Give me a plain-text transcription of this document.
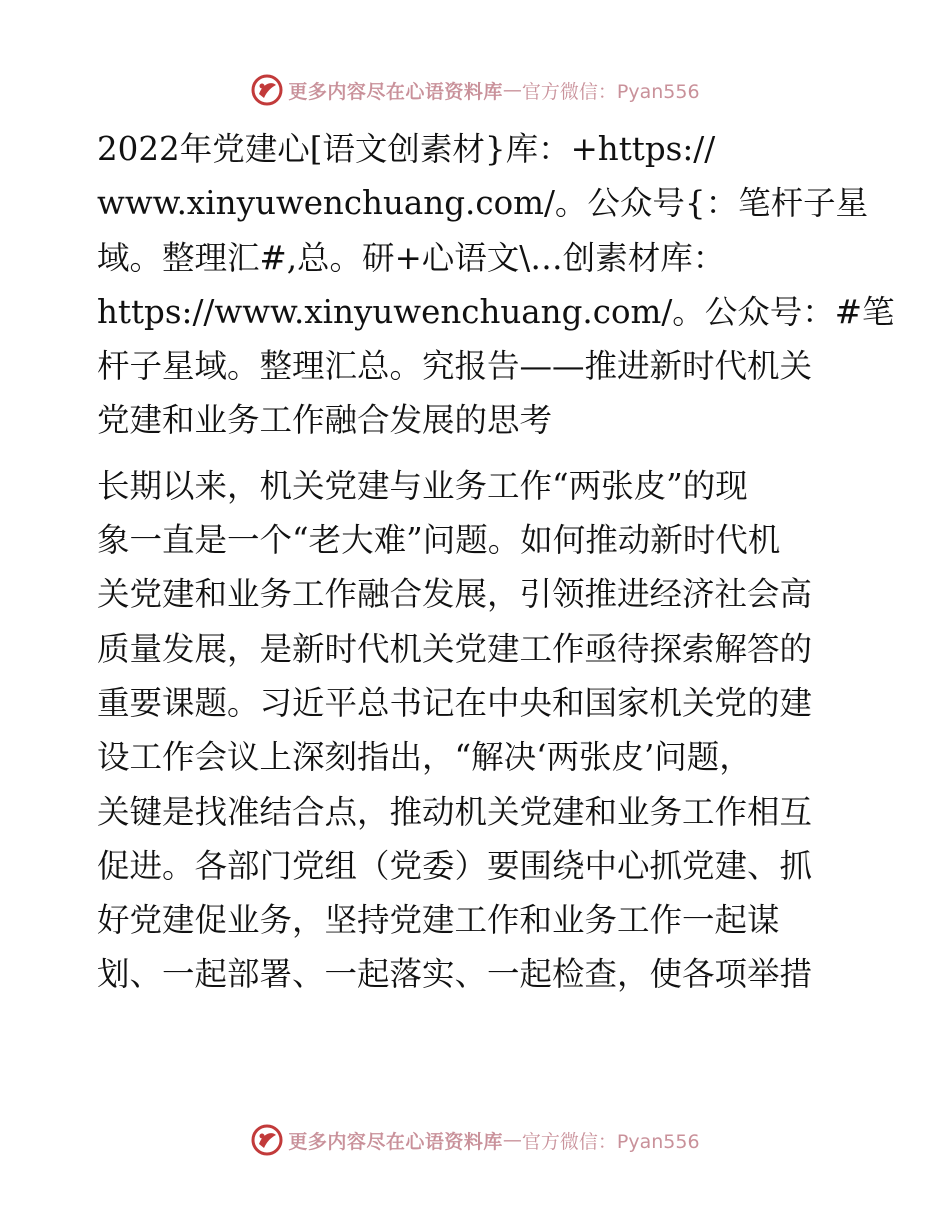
更多内容尽在心语资料库 — 官方微信：Pyan556
2022年党建心[语文创素材}库：+https://
www.xinyuwenchuang.com/。公众号{：笔杆子星
域。整理汇#,总。研+心语文\…创素材库：
https://www.xinyuwenchuang.com/。公众号：#笔
杆子星域。整理汇总。究报告——推进新时代机关
党建和业务工作融合发展的思考
长期以来，机关党建与业务工作“两张皮”的现
象一直是一个“老大难”问题。如何推动新时代机
关党建和业务工作融合发展，引领推进经济社会高
质量发展，是新时代机关党建工作亟待探索解答的
重要课题。习近平总书记在中央和国家机关党的建
设工作会议上深刻指出，“解决‘两张皮’问题，
关键是找准结合点，推动机关党建和业务工作相互
促进。各部门党组（党委）要围绕中心抓党建、抓
好党建促业务，坚持党建工作和业务工作一起谋
划、一起部署、一起落实、一起检查，使各项举措
更多内容尽在心语资料库 — 官方微信：Pyan556
